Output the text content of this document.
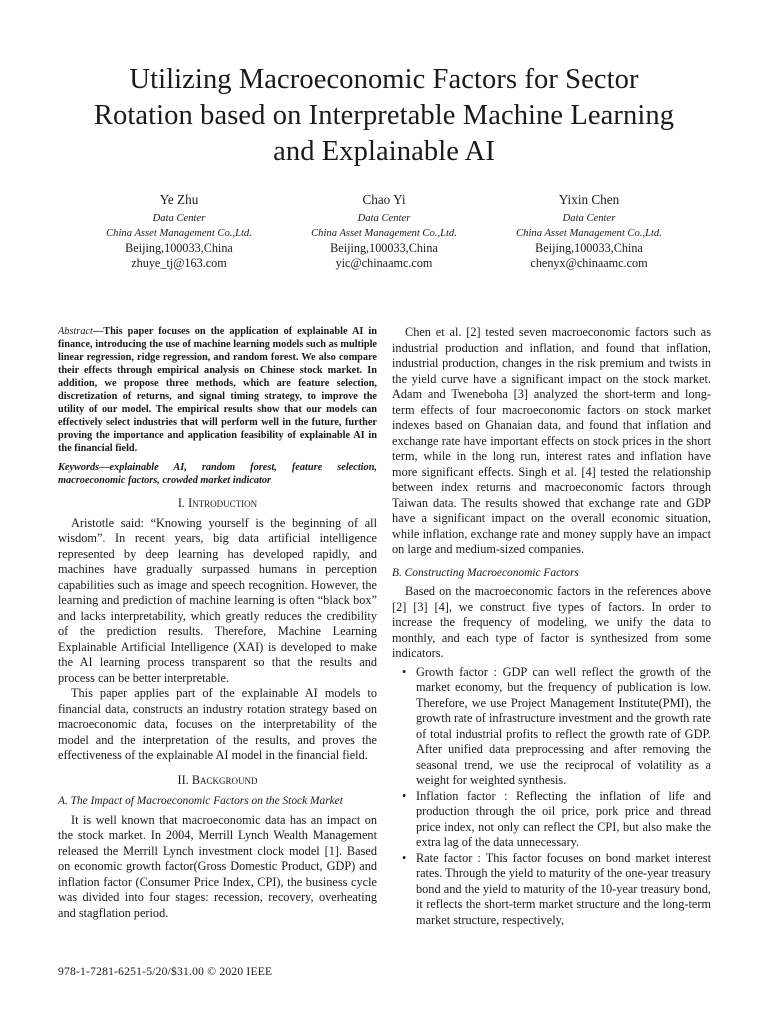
Utilizing Macroeconomic Factors for Sector
Rotation based on Interpretable Machine Learning
and Explainable AI
Ye Zhu
Data Center
China Asset Management Co.,Ltd.
Beijing,100033,China
zhuye_tj@163.com
Chao Yi
Data Center
China Asset Management Co.,Ltd.
Beijing,100033,China
yic@chinaamc.com
Yixin Chen
Data Center
China Asset Management Co.,Ltd.
Beijing,100033,China
chenyx@chinaamc.com
Abstract—This paper focuses on the application of explainable AI in finance, introducing the use of machine learning models such as multiple linear regression, ridge regression, and random forest. We also compare their effects through empirical analysis on Chinese stock market. In addition, we propose three methods, which are feature selection, discretization of returns, and signal timing strategy, to improve the utility of our model. The empirical results show that our models can effectively select industries that will perform well in the future, further proving the importance and application feasibility of explainable AI in the financial field.
Keywords—explainable AI, random forest, feature selection, macroeconomic factors, crowded market indicator
I. Introduction

Aristotle said: “Knowing yourself is the beginning of all wisdom”. In recent years, big data artificial intelligence represented by deep learning has developed rapidly, and machines have gradually surpassed humans in perception capabilities such as image and speech recognition. However, the learning and prediction of machine learning is often “black box” and lacks interpretability, which greatly reduces the credibility of the prediction results. Therefore, Machine Learning Explainable Artificial Intelligence (XAI) is developed to make the AI learning process transparent so that the results and process can be better interpretable.

This paper applies part of the explainable AI models to financial data, constructs an industry rotation strategy based on macroeconomic data, focuses on the interpretability of the model and the interpretation of the results, and proves the effectiveness of the explainable AI model in the financial field.

II. Background
A. The Impact of Macroeconomic Factors on the Stock Market

It is well known that macroeconomic data has an impact on the stock market. In 2004, Merrill Lynch Wealth Management released the Merrill Lynch investment clock model [1]. Based on economic growth factor(Gross Domestic Product, GDP) and inflation factor (Consumer Price Index, CPI), the business cycle was divided into four stages: recession, recovery, overheating and stagflation period.

Chen et al. [2] tested seven macroeconomic factors such as industrial production and inflation, and found that inflation, industrial production, changes in the risk premium and twists in the yield curve have a significant impact on the stock market. Adam and Tweneboha [3] analyzed the short-term and long-term effects of four macroeconomic factors on stock market indexes based on Ghanaian data, and found that inflation and exchange rate have important effects on stock prices in the short term, while in the long run, interest rates and inflation have more significant effects. Singh et al. [4] tested the relationship between index returns and macroeconomic factors through Taiwan data. The results showed that exchange rate and GDP have a significant impact on the overall economic situation, while inflation, exchange rate and money supply have an impact on large and medium-sized companies.

B. Constructing Macroeconomic Factors

Based on the macroeconomic factors in the references above [2] [3] [4], we construct five types of factors. In order to increase the frequency of modeling, we unify the data to monthly, and each type of factor is synthesized from some indicators.

• Growth factor : GDP can well reflect the growth of the market economy, but the frequency of publication is low. Therefore, we use Project Management Institute(PMI), the growth rate of infrastructure investment and the growth rate of total industrial profits to reflect the growth rate of GDP. After unified data preprocessing and after removing the seasonal trend, we use the reciprocal of volatility as a weight for weighted synthesis.
• Inflation factor : Reflecting the inflation of life and production through the oil price, pork price and thread price index, not only can reflect the CPI, but also make the extra lag of the data unnecessary.
• Rate factor : This factor focuses on bond market interest rates. Through the yield to maturity of the one-year treasury bond and the yield to maturity of the 10-year treasury bond, it reflects the short-term market structure and the long-term market structure, respectively,
978-1-7281-6251-5/20/$31.00 © 2020 IEEE
